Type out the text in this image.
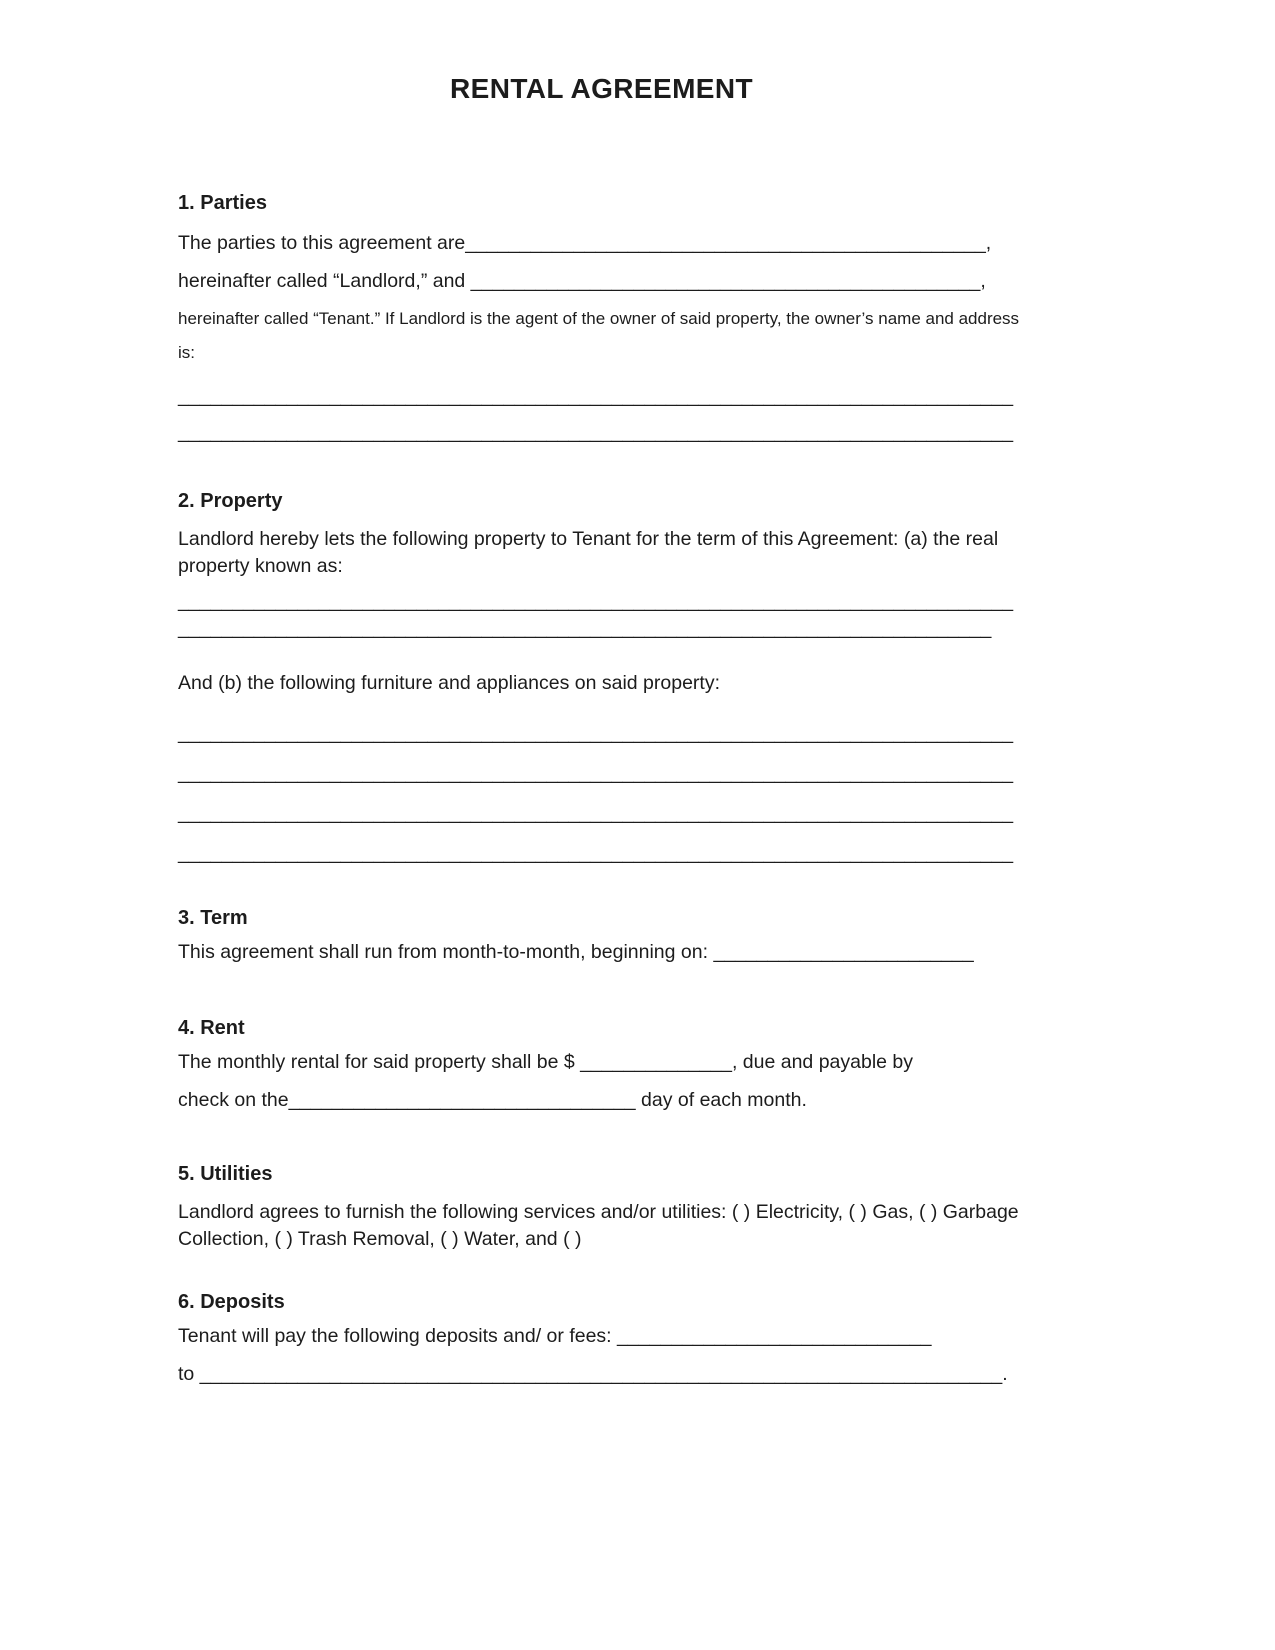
RENTAL AGREEMENT
1. Parties

The parties to this agreement are________________________________________________,

hereinafter called “Landlord,” and _______________________________________________,

hereinafter called “Tenant.” If Landlord is the agent of the owner of said property, the owner’s name and address is:

_____________________________________________________________________________

_____________________________________________________________________________

2. Property

Landlord hereby lets the following property to Tenant for the term of this Agreement: (a) the real property known as:

_____________________________________________________________________________

___________________________________________________________________________

And (b) the following furniture and appliances on said property:

_____________________________________________________________________________

_____________________________________________________________________________

_____________________________________________________________________________

_____________________________________________________________________________

3. Term

This agreement shall run from month-to-month, beginning on: ________________________

4. Rent

The monthly rental for said property shall be $ ______________, due and payable by

check on the________________________________ day of each month.

5. Utilities

Landlord agrees to furnish the following services and/or utilities: ( ) Electricity, ( ) Gas, ( ) Garbage Collection, ( ) Trash Removal, ( ) Water, and ( )

6. Deposits

Tenant will pay the following deposits and/ or fees: _____________________________

to __________________________________________________________________________.
